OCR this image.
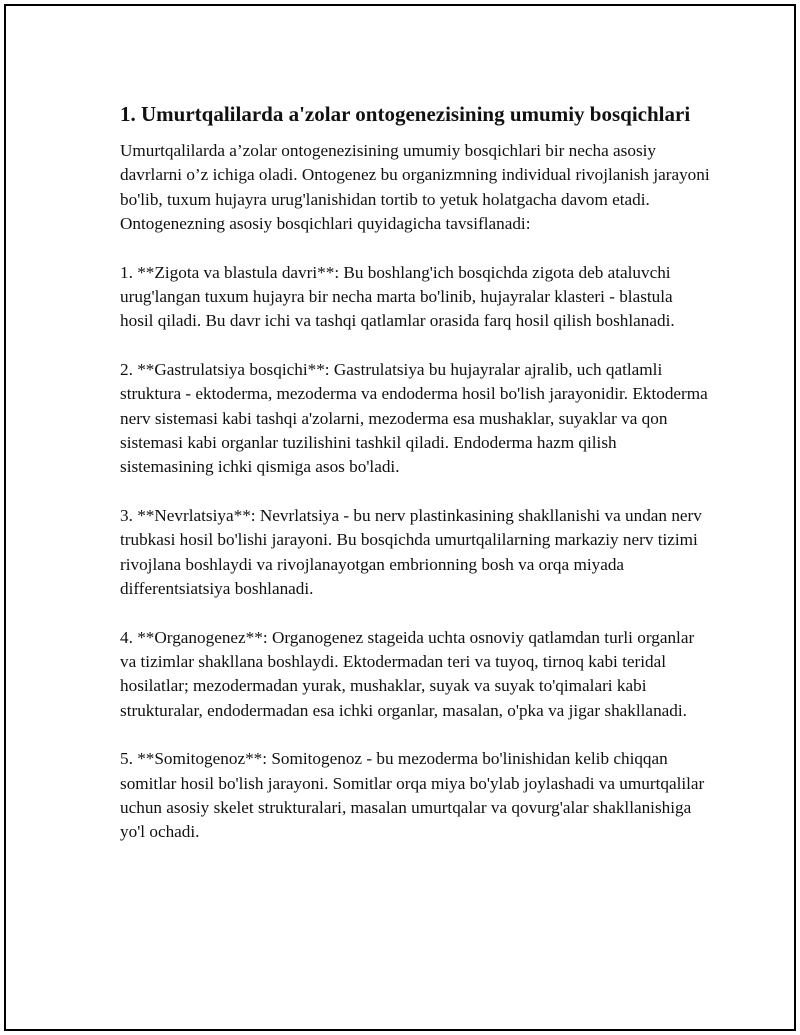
1. Umurtqalilarda a'zolar ontogenezisining umumiy bosqichlari

Umurtqalilarda a’zolar ontogenezisining umumiy bosqichlari bir necha asosiy davrlarni o’z ichiga oladi. Ontogenez bu organizmning individual rivojlanish jarayoni bo'lib, tuxum hujayra urug'lanishidan tortib to yetuk holatgacha davom etadi. Ontogenezning asosiy bosqichlari quyidagicha tavsiflanadi:

1. **Zigota va blastula davri**: Bu boshlang'ich bosqichda zigota deb ataluvchi urug'langan tuxum hujayra bir necha marta bo'linib, hujayralar klasteri - blastula hosil qiladi. Bu davr ichi va tashqi qatlamlar orasida farq hosil qilish boshlanadi.

2. **Gastrulatsiya bosqichi**: Gastrulatsiya bu hujayralar ajralib, uch qatlamli struktura - ektoderma, mezoderma va endoderma hosil bo'lish jarayonidir. Ektoderma nerv sistemasi kabi tashqi a'zolarni, mezoderma esa mushaklar, suyaklar va qon sistemasi kabi organlar tuzilishini tashkil qiladi. Endoderma hazm qilish sistemasining ichki qismiga asos bo'ladi.

3. **Nevrlatsiya**: Nevrlatsiya - bu nerv plastinkasining shakllanishi va undan nerv trubkasi hosil bo'lishi jarayoni. Bu bosqichda umurtqalilarning markaziy nerv tizimi rivojlana boshlaydi va rivojlanayotgan embrionning bosh va orqa miyada differentsiatsiya boshlanadi.

4. **Organogenez**: Organogenez stageida uchta osnoviy qatlamdan turli organlar va tizimlar shakllana boshlaydi. Ektodermadan teri va tuyoq, tirnoq kabi teridal hosilatlar; mezodermadan yurak, mushaklar, suyak va suyak to'qimalari kabi strukturalar, endodermadan esa ichki organlar, masalan, o'pka va jigar shakllanadi.

5. **Somitogenoz**: Somitogenoz - bu mezoderma bo'linishidan kelib chiqqan somitlar hosil bo'lish jarayoni. Somitlar orqa miya bo'ylab joylashadi va umurtqalilar uchun asosiy skelet strukturalari, masalan umurtqalar va qovurg'alar shakllanishiga yo'l ochadi.
